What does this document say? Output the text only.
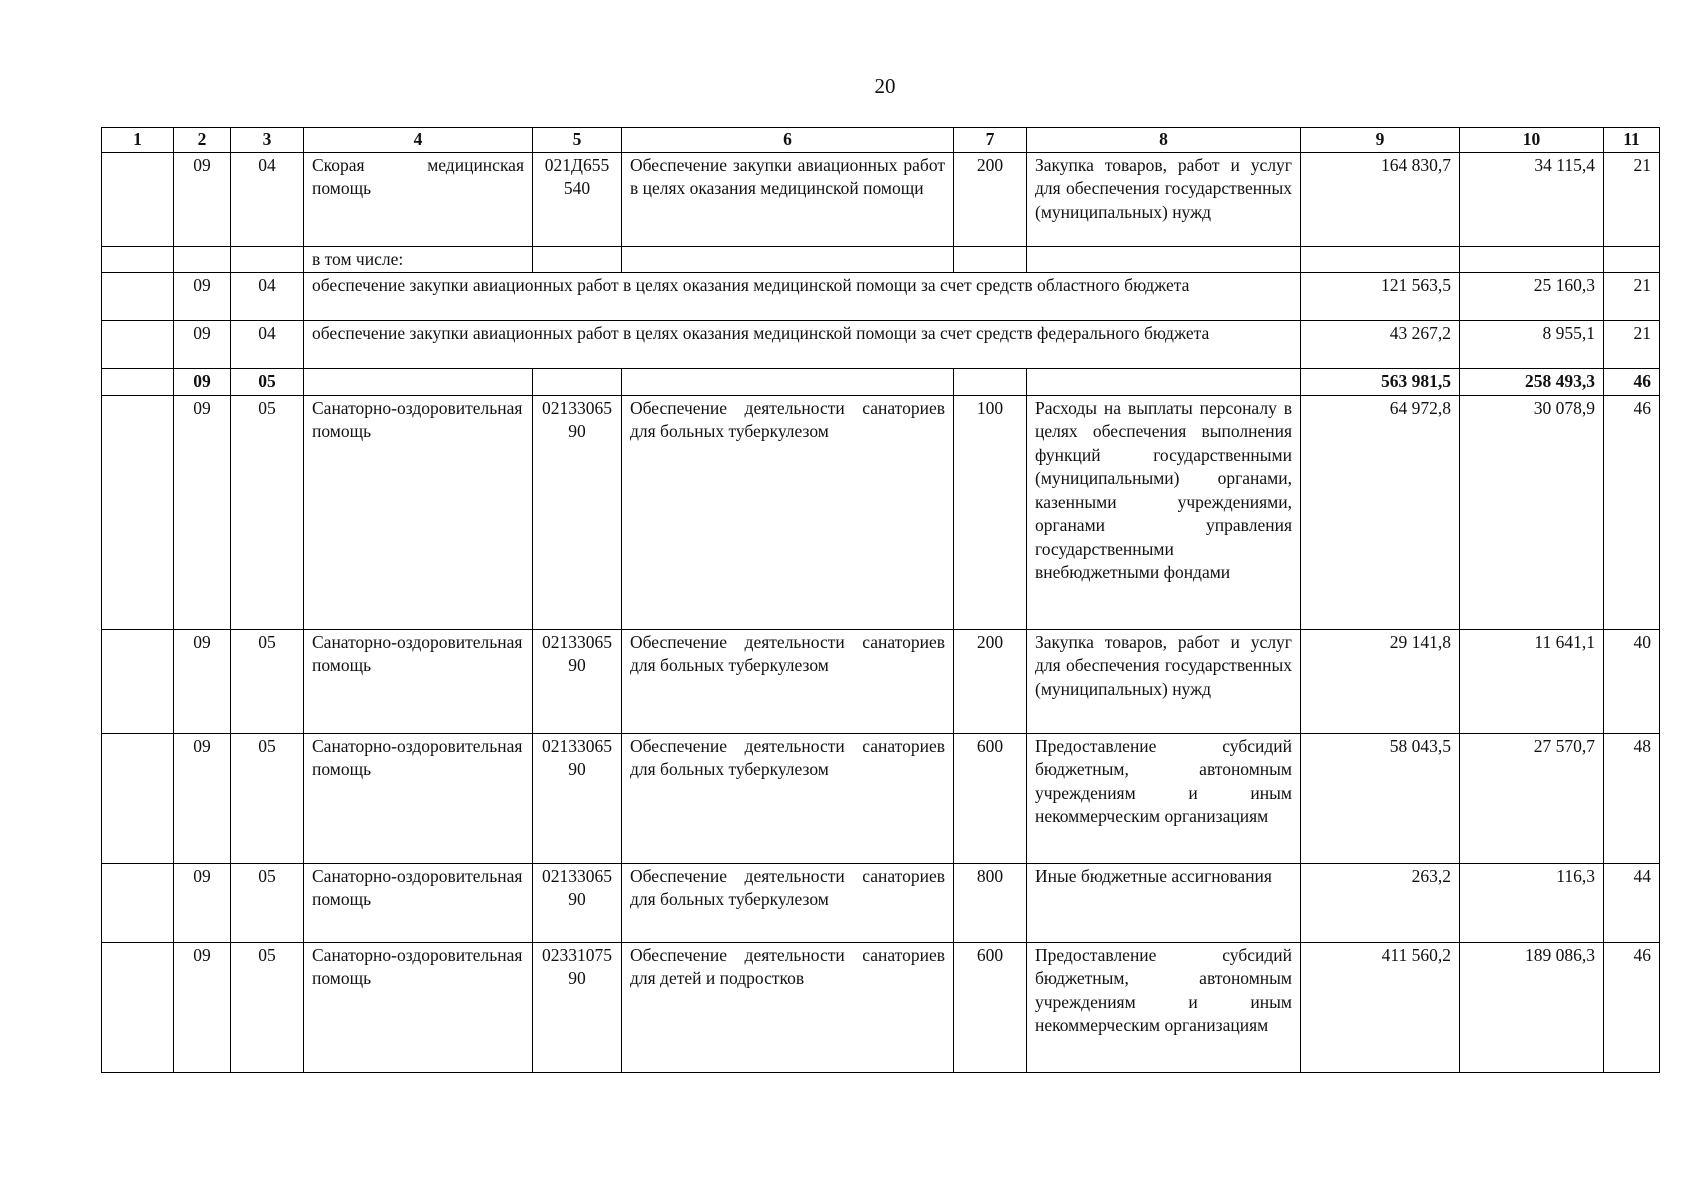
20
1	2	3	4	5	6	7	8	9	10	11
	09	04	Скорая медицинская помощь	021Д655540	Обеспечение закупки авиационных работ в целях оказания медицинской помощи	200	Закупка товаров, работ и услуг для обеспечения государственных (муниципальных) нужд	164 830,7	34 115,4	21
			в том числе:							
	09	04	обеспечение закупки авиационных работ в целях оказания медицинской помощи за счет средств областного бюджета					121 563,5	25 160,3	21
	09	04	обеспечение закупки авиационных работ в целях оказания медицинской помощи за счет средств федерального бюджета					43 267,2	8 955,1	21
	09	05						563 981,5	258 493,3	46
	09	05	Санаторно-оздоровительная помощь	0213306590	Обеспечение деятельности санаториев для больных туберкулезом	100	Расходы на выплаты персоналу в целях обеспечения выполнения функций государственными (муниципальными) органами, казенными учреждениями, органами управления государственными внебюджетными фондами	64 972,8	30 078,9	46
	09	05	Санаторно-оздоровительная помощь	0213306590	Обеспечение деятельности санаториев для больных туберкулезом	200	Закупка товаров, работ и услуг для обеспечения государственных (муниципальных) нужд	29 141,8	11 641,1	40
	09	05	Санаторно-оздоровительная помощь	0213306590	Обеспечение деятельности санаториев для больных туберкулезом	600	Предоставление субсидий бюджетным, автономным учреждениям и иным некоммерческим организациям	58 043,5	27 570,7	48
	09	05	Санаторно-оздоровительная помощь	0213306590	Обеспечение деятельности санаториев для больных туберкулезом	800	Иные бюджетные ассигнования	263,2	116,3	44
	09	05	Санаторно-оздоровительная помощь	0233107590	Обеспечение деятельности санаториев для детей и подростков	600	Предоставление субсидий бюджетным, автономным учреждениям и иным некоммерческим организациям	411 560,2	189 086,3	46
